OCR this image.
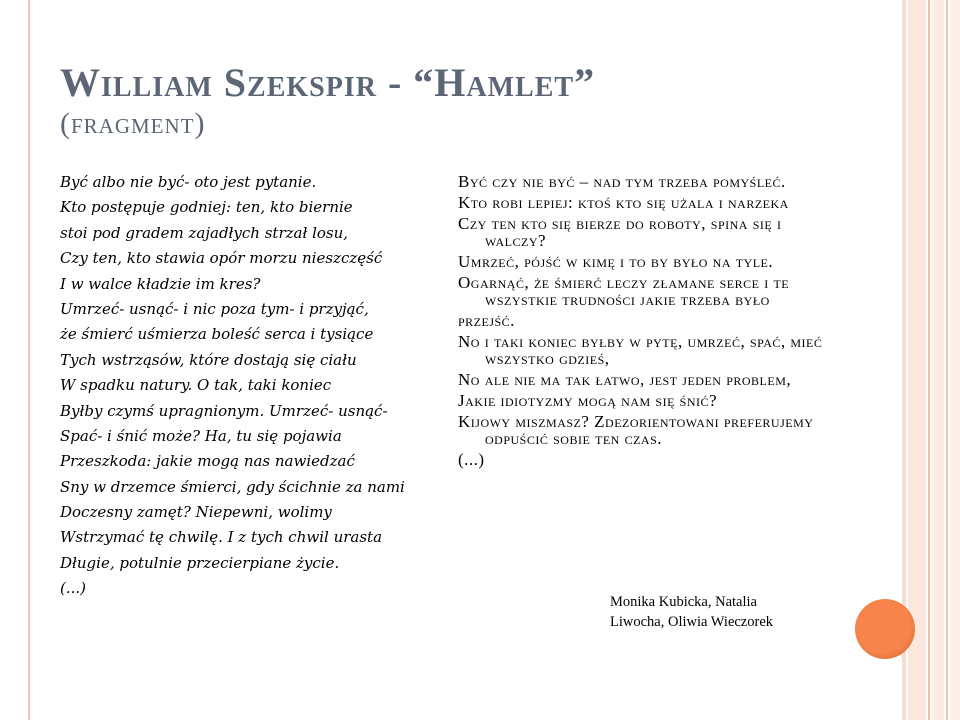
William Szekspir - “Hamlet”
(fragment)
Być albo nie być- oto jest pytanie.
Kto postępuje godniej: ten, kto biernie
stoi pod gradem zajadłych strzał losu,
Czy ten, kto stawia opór morzu nieszczęść
I w walce kładzie im kres?
Umrzeć- usnąć- i nic poza tym- i przyjąć,
że śmierć uśmierza boleść serca i tysiące
Tych wstrząsów, które dostają się ciału
W spadku natury. O tak, taki koniec
Byłby czymś upragnionym. Umrzeć- usnąć-
Spać- i śnić może? Ha, tu się pojawia
Przeszkoda: jakie mogą nas nawiedzać
Sny w drzemce śmierci, gdy ścichnie za nami
Doczesny zamęt? Niepewni, wolimy
Wstrzymać tę chwilę. I z tych chwil urasta
Długie, potulnie przecierpiane życie.
(...)

Być czy nie być – nad tym trzeba pomyśleć.

Kto robi lepiej: ktoś kto się użala i narzeka

Czy ten kto się bierze do roboty, spina się i walczy?

Umrzeć, pójść w kimę i to by było na tyle.

Ogarnąć, że śmierć leczy złamane serce i te wszystkie trudności jakie trzeba było

przejść.

No i taki koniec byłby w pytę, umrzeć, spać, mieć wszystko gdzieś,

No ale nie ma tak łatwo, jest jeden problem,

Jakie idiotyzmy mogą nam się śnić?

Kijowy miszmasz? Zdezorientowani preferujemy odpuścić sobie ten czas.

(...)

Monika Kubicka, Natalia
Liwocha, Oliwia Wieczorek
